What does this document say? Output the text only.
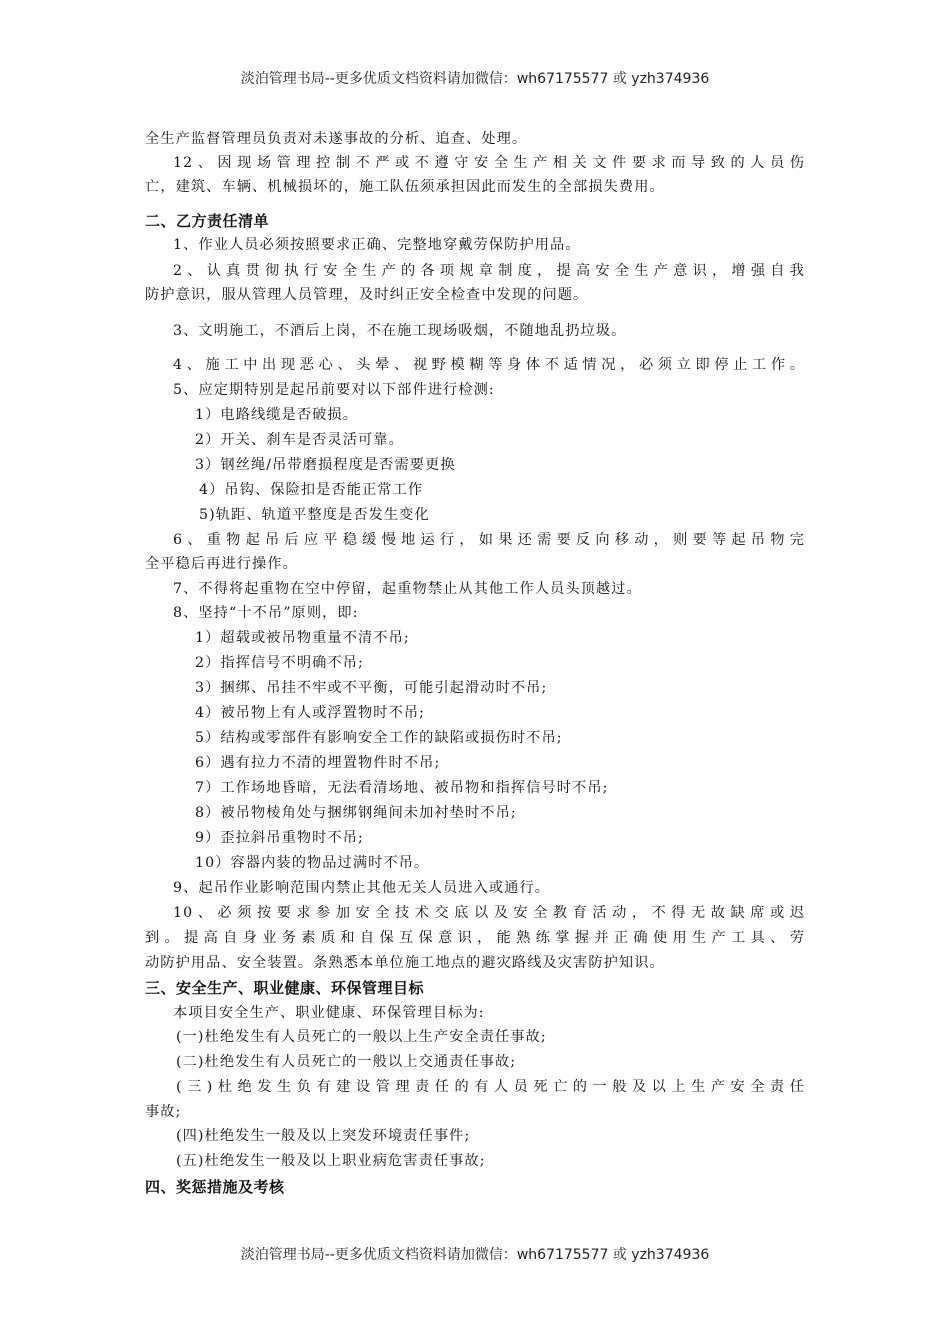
淡泊管理书局--更多优质文档资料请加微信：wh67175577 或 yzh374936
全生产监督管理员负责对未遂事故的分析、追查、处理。
12、因现场管理控制不严或不遵守安全生产相关文件要求而导致的人员伤
亡，建筑、车辆、机械损坏的，施工队伍须承担因此而发生的全部损失费用。
二、乙方责任清单
1、作业人员必须按照要求正确、完整地穿戴劳保防护用品。
2、认真贯彻执行安全生产的各项规章制度，提高安全生产意识，增强自我
防护意识，服从管理人员管理，及时纠正安全检查中发现的问题。
3、文明施工，不酒后上岗，不在施工现场吸烟，不随地乱扔垃圾。
4、施工中出现恶心、头晕、视野模糊等身体不适情况，必须立即停止工作。
5、应定期特别是起吊前要对以下部件进行检测:
1）电路线缆是否破损。
2）开关、刹车是否灵活可靠。
3）钢丝绳/吊带磨损程度是否需要更换
4）吊钩、保险扣是否能正常工作
5)轨距、轨道平整度是否发生变化
6、重物起吊后应平稳缓慢地运行，如果还需要反向移动，则要等起吊物完
全平稳后再进行操作。
7、不得将起重物在空中停留，起重物禁止从其他工作人员头顶越过。
8、坚持“十不吊”原则，即:
1）超载或被吊物重量不清不吊;
2）指挥信号不明确不吊;
3）捆绑、吊挂不牢或不平衡，可能引起滑动时不吊;
4）被吊物上有人或浮置物时不吊;
5）结构或零部件有影响安全工作的缺陷或损伤时不吊;
6）遇有拉力不清的埋置物件时不吊;
7）工作场地昏暗，无法看清场地、被吊物和指挥信号时不吊;
8）被吊物棱角处与捆绑钢绳间未加衬垫时不吊;
9）歪拉斜吊重物时不吊;
10）容器内装的物品过满时不吊。
9、起吊作业影响范围内禁止其他无关人员进入或通行。
10、必须按要求参加安全技术交底以及安全教育活动，不得无故缺席或迟
到。提高自身业务素质和自保互保意识，能熟练掌握并正确使用生产工具、劳
动防护用品、安全装置。条熟悉本单位施工地点的避灾路线及灾害防护知识。
三、安全生产、职业健康、环保管理目标
本项目安全生产、职业健康、环保管理目标为:
(一)杜绝发生有人员死亡的一般以上生产安全责任事故;
(二)杜绝发生有人员死亡的一般以上交通责任事故;
(三)杜绝发生负有建设管理责任的有人员死亡的一般及以上生产安全责任
事故;
(四)杜绝发生一般及以上突发环境责任事件;
(五)杜绝发生一般及以上职业病危害责任事故;
四、奖惩措施及考核
淡泊管理书局--更多优质文档资料请加微信：wh67175577 或 yzh374936
